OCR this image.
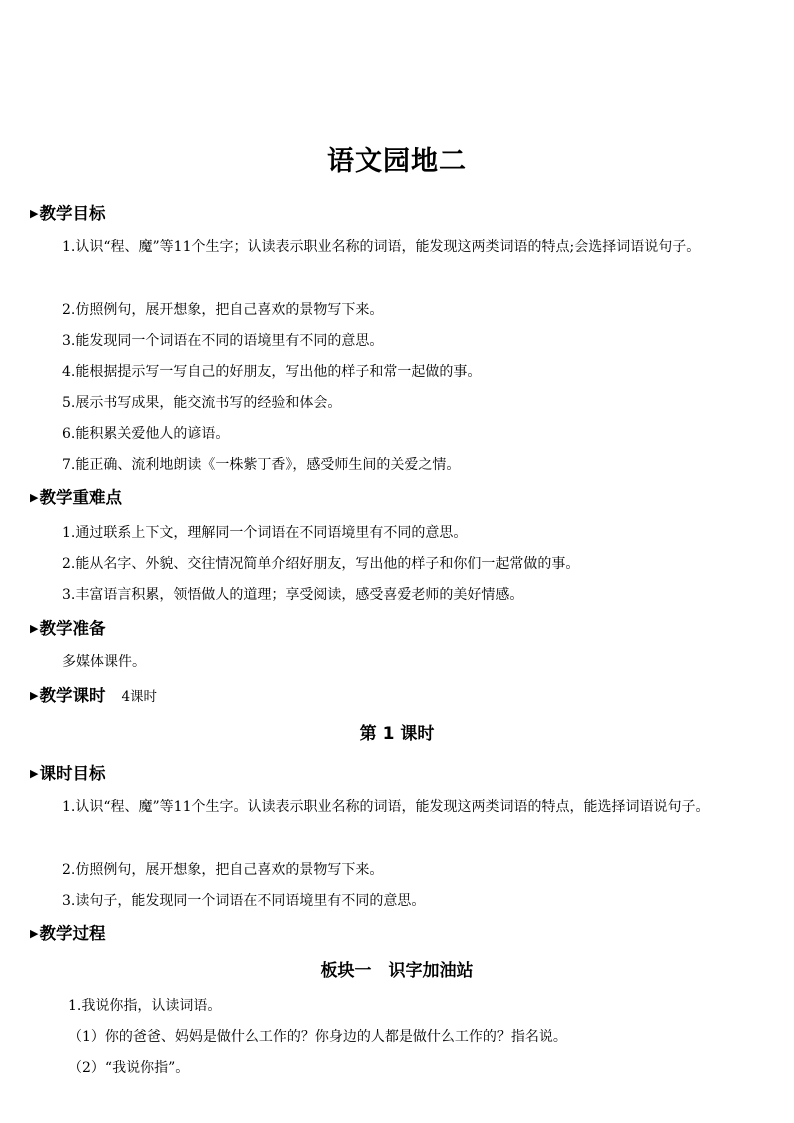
语文园地二
▶教学目标
1.认识“程、魔”等11个生字；认读表示职业名称的词语，能发现这两类词语的特点;会选择词语说句子。
2.仿照例句，展开想象，把自己喜欢的景物写下来。
3.能发现同一个词语在不同的语境里有不同的意思。
4.能根据提示写一写自己的好朋友，写出他的样子和常一起做的事。
5.展示书写成果，能交流书写的经验和体会。
6.能积累关爱他人的谚语。
7.能正确、流利地朗读《一株紫丁香》，感受师生间的关爱之情。
▶教学重难点
1.通过联系上下文，理解同一个词语在不同语境里有不同的意思。
2.能从名字、外貌、交往情况简单介绍好朋友，写出他的样子和你们一起常做的事。
3.丰富语言积累，领悟做人的道理；享受阅读，感受喜爱老师的美好情感。
▶教学准备
多媒体课件。
▶教学课时 4课时
第 1 课时
▶课时目标
1.认识“程、魔”等11个生字。认读表示职业名称的词语，能发现这两类词语的特点，能选择词语说句子。
2.仿照例句，展开想象，把自己喜欢的景物写下来。
3.读句子，能发现同一个词语在不同语境里有不同的意思。
▶教学过程
板块一　识字加油站
1.我说你指，认读词语。
（1）你的爸爸、妈妈是做什么工作的？你身边的人都是做什么工作的？指名说。
（2）“我说你指”。
